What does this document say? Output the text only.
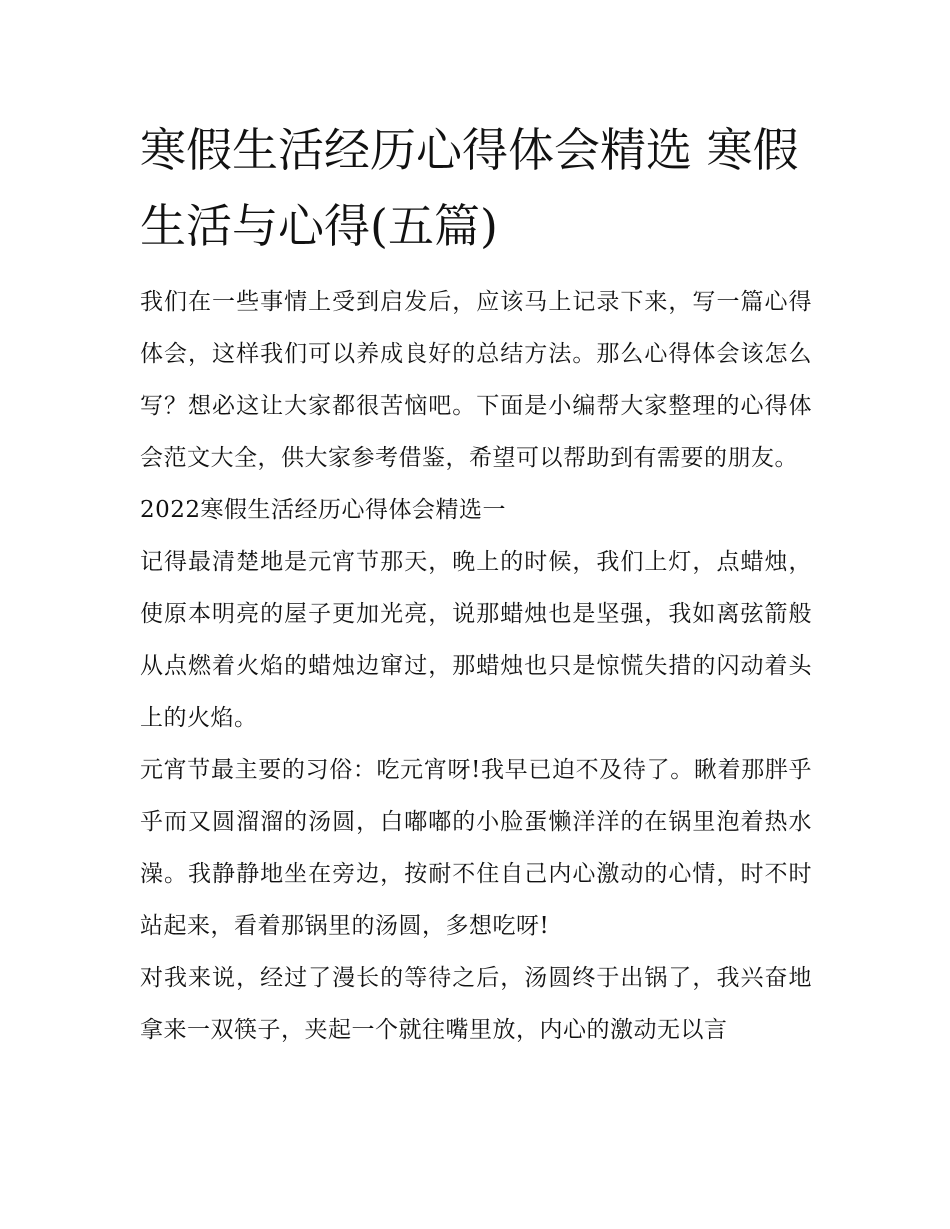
寒假生活经历心得体会精选 寒假生活与心得(五篇)

我们在一些事情上受到启发后，应该马上记录下来，写一篇心得体会，这样我们可以养成良好的总结方法。那么心得体会该怎么写？想必这让大家都很苦恼吧。下面是小编帮大家整理的心得体会范文大全，供大家参考借鉴，希望可以帮助到有需要的朋友。

2022寒假生活经历心得体会精选一

记得最清楚地是元宵节那天，晚上的时候，我们上灯，点蜡烛，使原本明亮的屋子更加光亮，说那蜡烛也是坚强，我如离弦箭般从点燃着火焰的蜡烛边窜过，那蜡烛也只是惊慌失措的闪动着头上的火焰。

元宵节最主要的习俗：吃元宵呀!我早已迫不及待了。瞅着那胖乎乎而又圆溜溜的汤圆，白嘟嘟的小脸蛋懒洋洋的在锅里泡着热水澡。我静静地坐在旁边，按耐不住自己内心激动的心情，时不时站起来，看着那锅里的汤圆，多想吃呀!

对我来说，经过了漫长的等待之后，汤圆终于出锅了，我兴奋地拿来一双筷子，夹起一个就往嘴里放，内心的激动无以言
